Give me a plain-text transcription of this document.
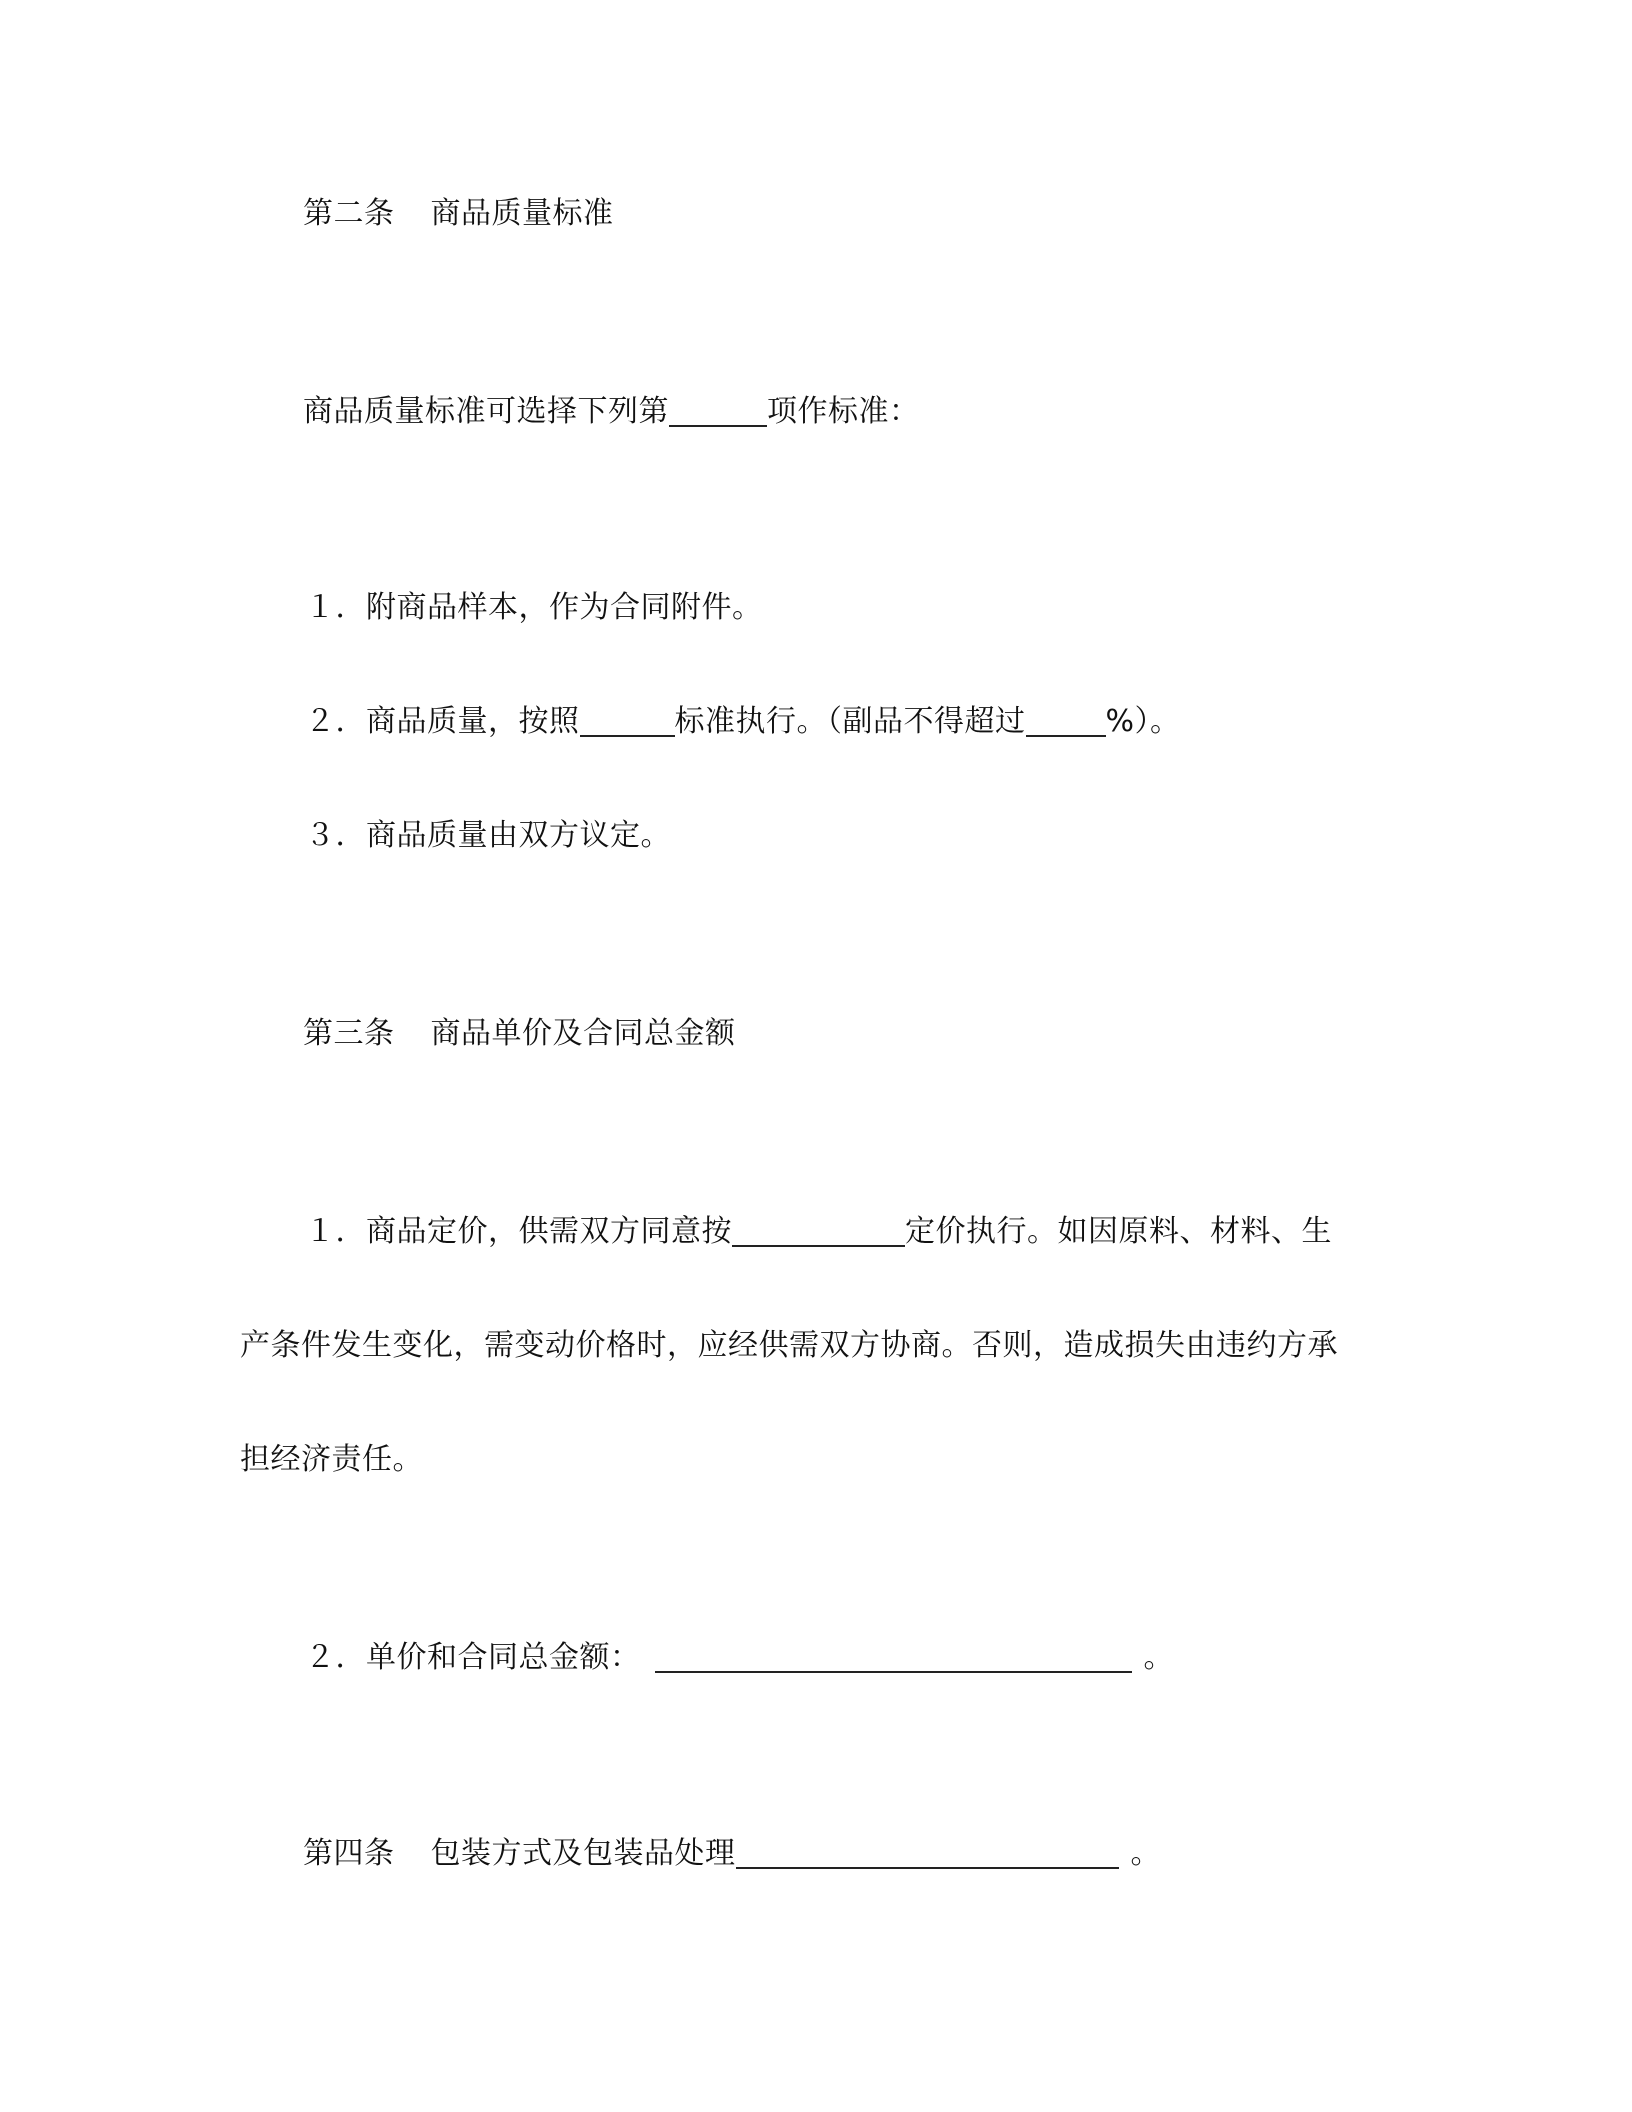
第二条 商品质量标准
商品质量标准可选择下列第	项作标准：
１．附商品样本，作为合同附件。
２．商品质量，按照	标准执行。（副品不得超过	%）。
３．商品质量由双方议定。
第三条 商品单价及合同总金额
１．商品定价，供需双方同意按	定价执行。如因原料、材料、生
产条件发生变化，需变动价格时，应经供需双方协商。否则，造成损失由违约方承
担经济责任。
２．单价和合同总金额：	。
第四条 包装方式及包装品处理	。
